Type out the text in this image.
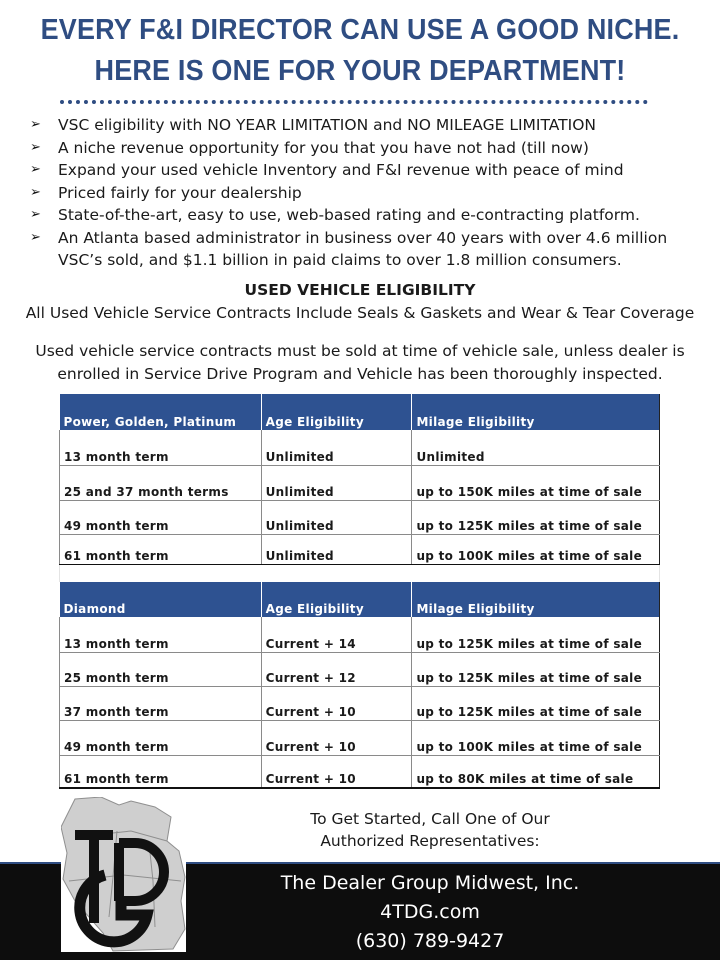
EVERY F&I DIRECTOR CAN USE A GOOD NICHE.
HERE IS ONE FOR YOUR DEPARTMENT!
➢ VSC eligibility with NO YEAR LIMITATION and NO MILEAGE LIMITATION
➢ A niche revenue opportunity for you that you have not had (till now)
➢ Expand your used vehicle Inventory and F&I revenue with peace of mind
➢ Priced fairly for your dealership
➢ State-of-the-art, easy to use, web-based rating and e-contracting platform.
➢ An Atlanta based administrator in business over 40 years with over 4.6 million VSC’s sold, and $1.1 billion in paid claims to over 1.8 million consumers.
USED VEHICLE ELIGIBILITY
All Used Vehicle Service Contracts Include Seals & Gaskets and Wear & Tear Coverage
Used vehicle service contracts must be sold at time of vehicle sale, unless dealer is enrolled in Service Drive Program and Vehicle has been thoroughly inspected.
Power, Golden, Platinum	Age Eligibility	Milage Eligibility
13 month term	Unlimited	Unlimited
25 and 37 month terms	Unlimited	up to 150K miles at time of sale
49 month term	Unlimited	up to 125K miles at time of sale
61 month term	Unlimited	up to 100K miles at time of sale
Diamond	Age Eligibility	Milage Eligibility
13 month term	Current + 14	up to 125K miles at time of sale
25 month term	Current + 12	up to 125K miles at time of sale
37 month term	Current + 10	up to 125K miles at time of sale
49 month term	Current + 10	up to 100K miles at time of sale
61 month term	Current + 10	up to 80K miles at time of sale
To Get Started, Call One of Our
Authorized Representatives:
The Dealer Group Midwest, Inc.
4TDG.com
(630) 789-9427
